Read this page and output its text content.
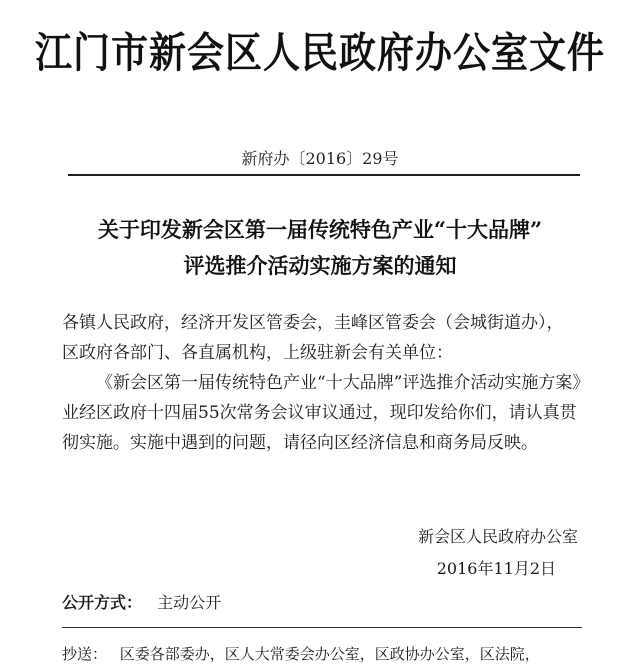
江门市新会区人民政府办公室文件
新府办〔2016〕29号
关于印发新会区第一届传统特色产业“十大品牌”
评选推介活动实施方案的通知

各镇人民政府，经济开发区管委会，圭峰区管委会（会城街道办），

区政府各部门、各直属机构，上级驻新会有关单位：

《新会区第一届传统特色产业“十大品牌”评选推介活动实施方案》业经区政府十四届55次常务会议审议通过，现印发给你们，请认真贯彻实施。实施中遇到的问题，请径向区经济信息和商务局反映。

新会区人民政府办公室
2016年11月2日
公开方式： 主动公开
抄送： 区委各部委办，区人大常委会办公室，区政协办公室，区法院，
